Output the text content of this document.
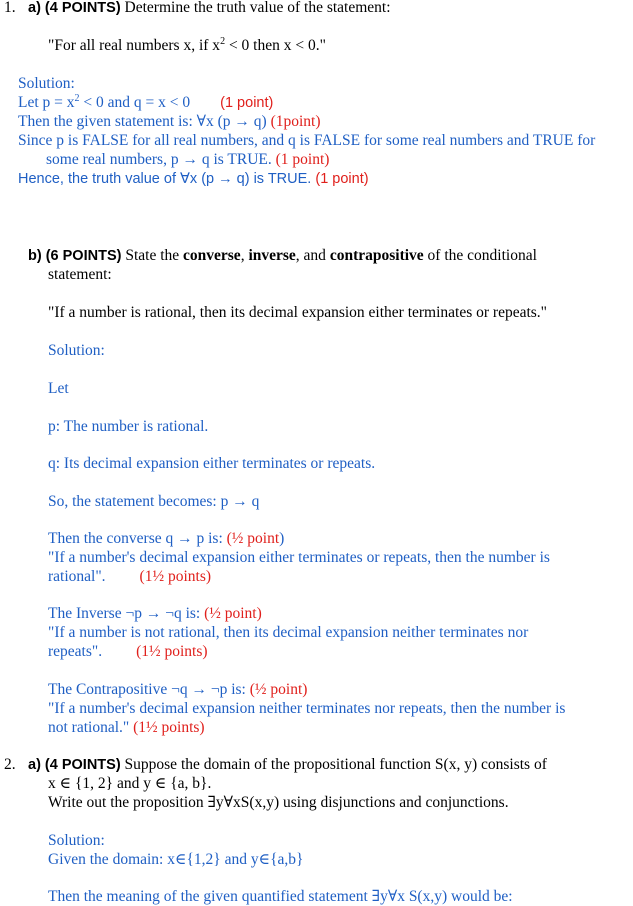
1. a) (4 POINTS) Determine the truth value of the statement:
"For all real numbers x, if $x^2 < 0$ then x < 0."
Solution:
Let $p = x^2 < 0$ and q = x < 0 (1 point)
Then the given statement is: ∀x (p → q) (1point)
Since p is FALSE for all real numbers, and q is FALSE for some real numbers and TRUE for
some real numbers, p → q is TRUE. (1 point)
Hence, the truth value of ∀x (p → q) is TRUE. (1 point)
b) (6 POINTS) State the converse, inverse, and contrapositive of the conditional
statement:
"If a number is rational, then its decimal expansion either terminates or repeats."
Solution:
Let
p: The number is rational.
q: Its decimal expansion either terminates or repeats.
So, the statement becomes: p → q
Then the converse q → p is: (½ point)
"If a number's decimal expansion either terminates or repeats, then the number is
rational". (1½ points)
The Inverse ¬p → ¬q is: (½ point)
"If a number is not rational, then its decimal expansion neither terminates nor
repeats". (1½ points)
The Contrapositive ¬q → ¬p is: (½ point)
"If a number's decimal expansion neither terminates nor repeats, then the number is
not rational." (1½ points)
2. a) (4 POINTS) Suppose the domain of the propositional function S(x, y) consists of
x ∈ {1, 2} and y ∈ {a, b}.
Write out the proposition ∃y∀xS(x,y) using disjunctions and conjunctions.
Solution:
Given the domain: x∈{1,2} and y∈{a,b}
Then the meaning of the given quantified statement ∃y∀x S(x,y) would be:
